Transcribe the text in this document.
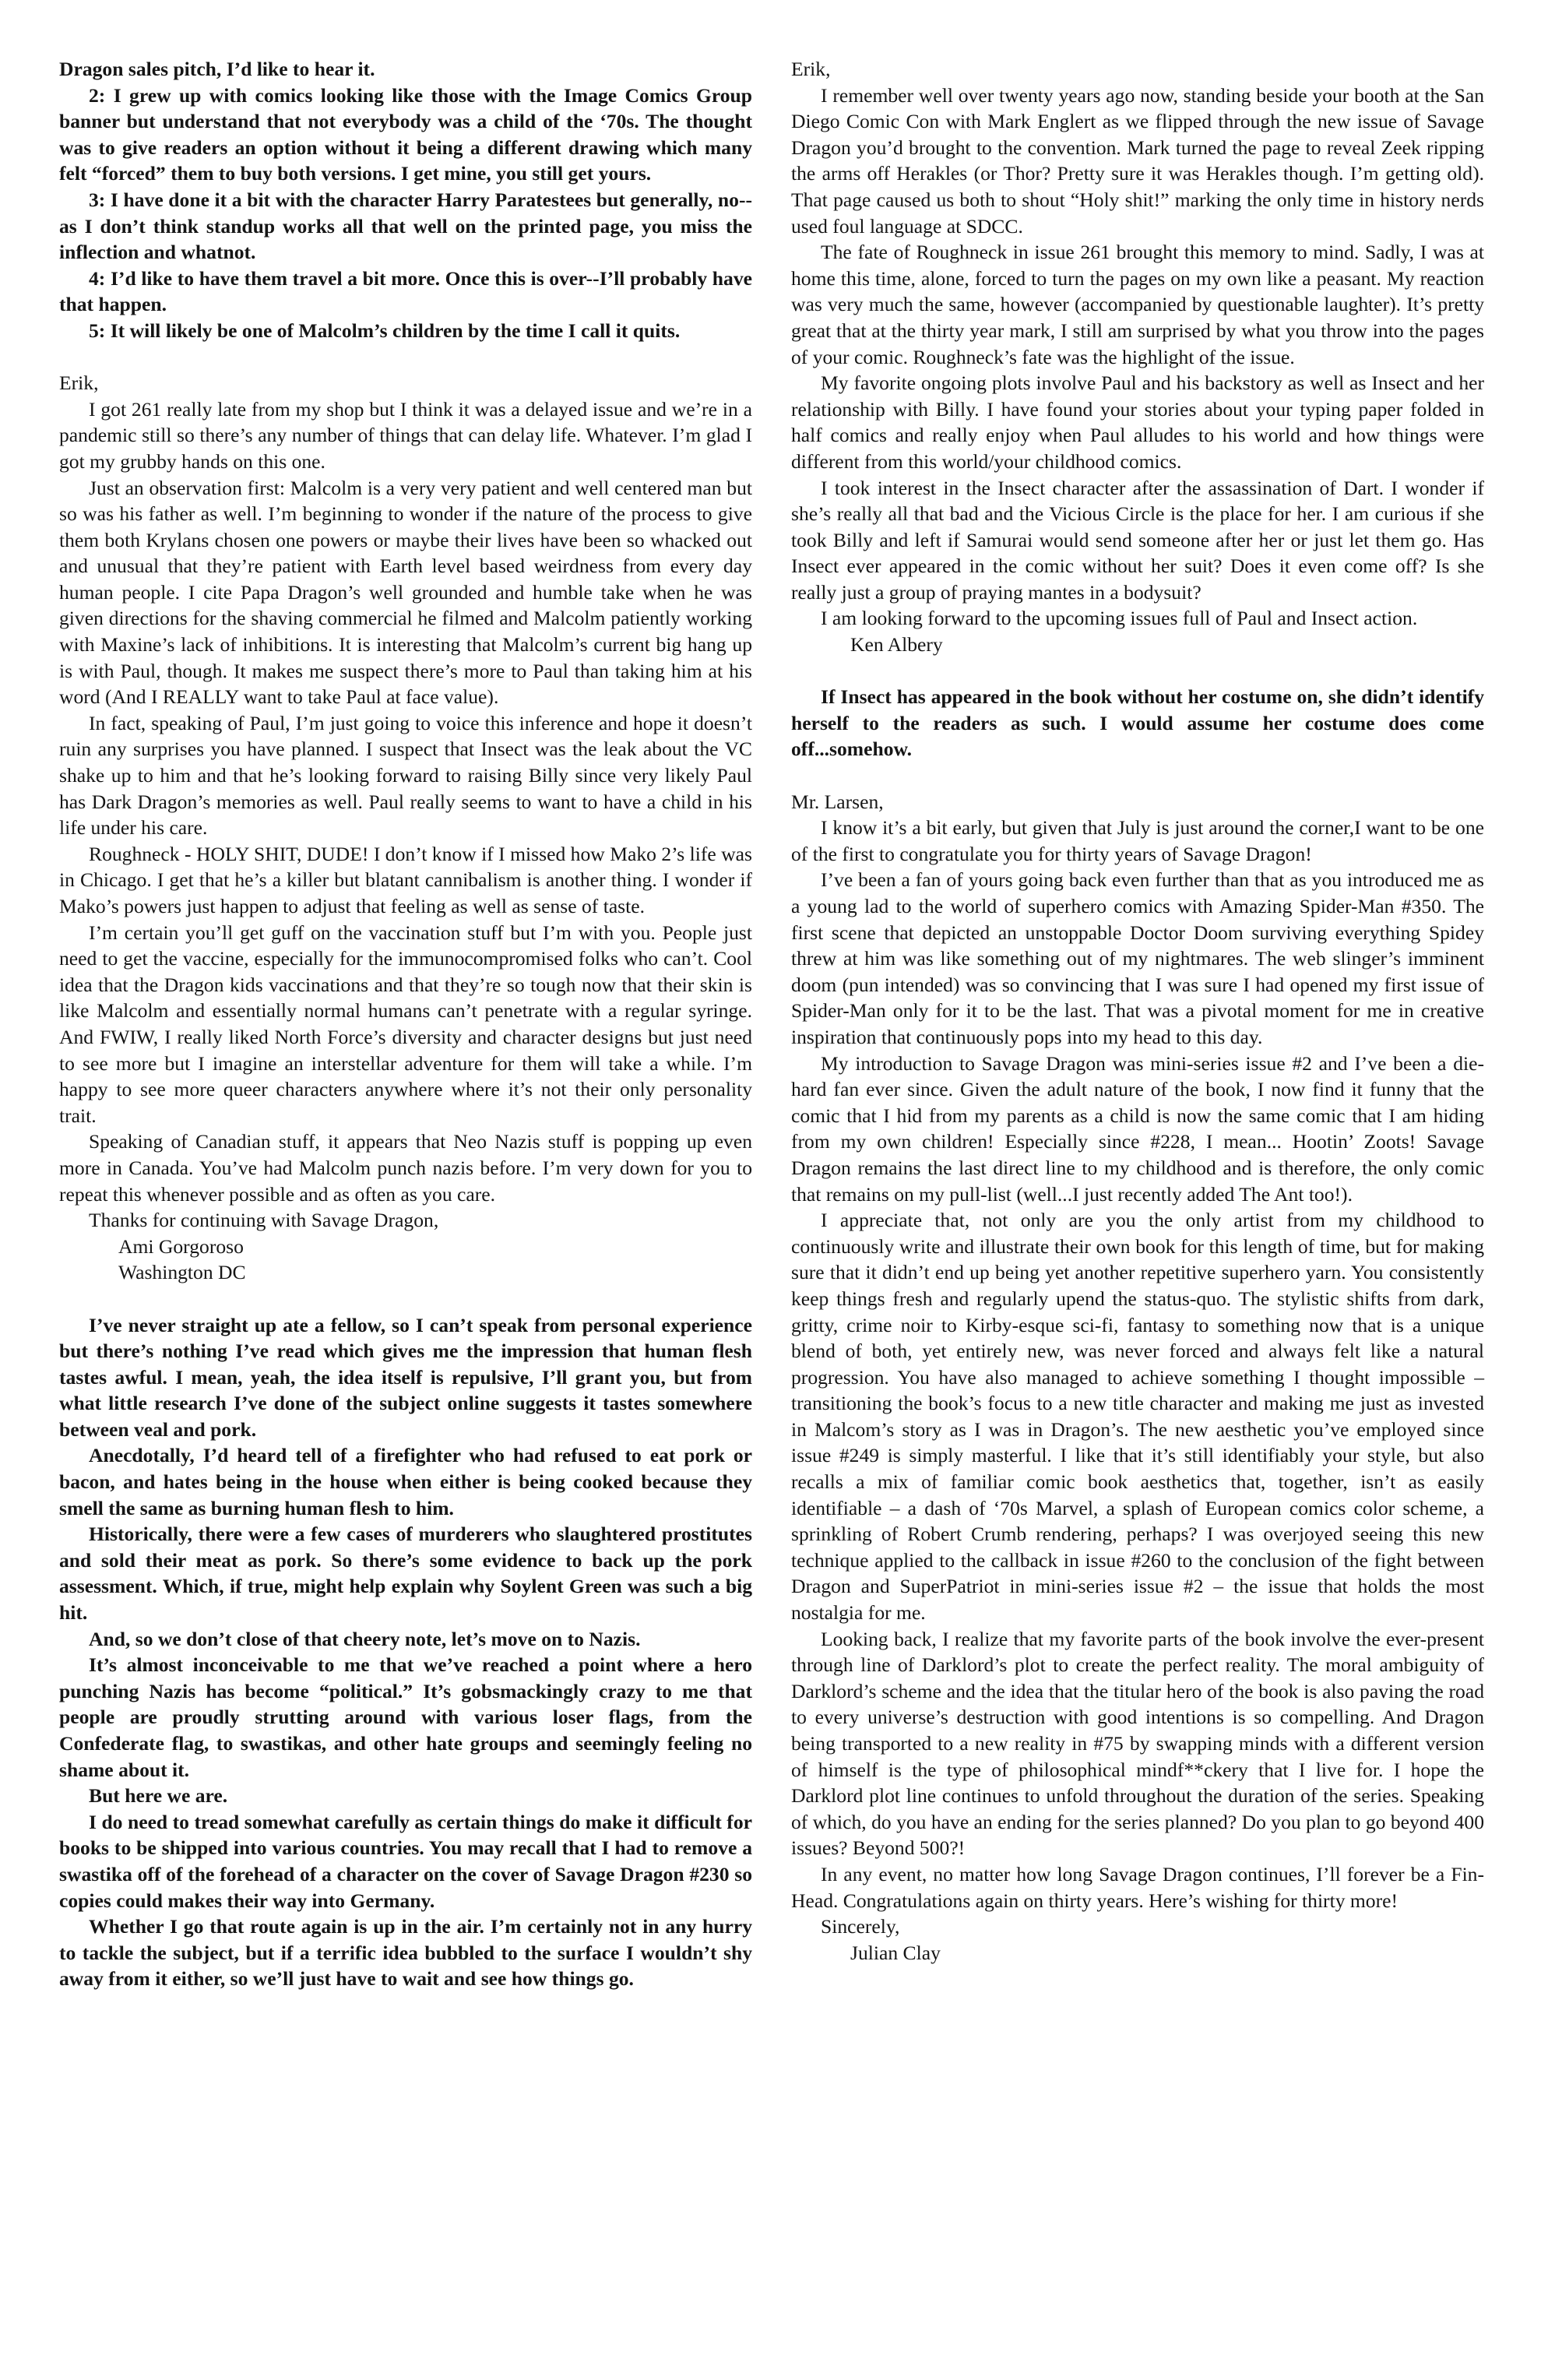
Dragon sales pitch, I’d like to hear it.

2: I grew up with comics looking like those with the Image Comics Group banner but understand that not everybody was a child of the ‘70s. The thought was to give readers an option without it being a different drawing which many felt “forced” them to buy both versions. I get mine, you still get yours.

3: I have done it a bit with the character Harry Paratestees but generally, no--as I don’t think standup works all that well on the printed page, you miss the inflection and whatnot.

4: I’d like to have them travel a bit more. Once this is over--I’ll probably have that happen.

5: It will likely be one of Malcolm’s children by the time I call it quits.

Erik,

I got 261 really late from my shop but I think it was a delayed issue and we’re in a pandemic still so there’s any number of things that can delay life. Whatever. I’m glad I got my grubby hands on this one.

Just an observation first: Malcolm is a very very patient and well centered man but so was his father as well. I’m beginning to wonder if the nature of the process to give them both Krylans chosen one powers or maybe their lives have been so whacked out and unusual that they’re patient with Earth level based weirdness from every day human people. I cite Papa Dragon’s well grounded and humble take when he was given directions for the shaving commercial he filmed and Malcolm patiently working with Maxine’s lack of inhibitions. It is interesting that Malcolm’s current big hang up is with Paul, though. It makes me suspect there’s more to Paul than taking him at his word (And I REALLY want to take Paul at face value).

In fact, speaking of Paul, I’m just going to voice this inference and hope it doesn’t ruin any surprises you have planned. I suspect that Insect was the leak about the VC shake up to him and that he’s looking forward to raising Billy since very likely Paul has Dark Dragon’s memories as well. Paul really seems to want to have a child in his life under his care.

Roughneck - HOLY SHIT, DUDE! I don’t know if I missed how Mako 2’s life was in Chicago. I get that he’s a killer but blatant cannibalism is another thing. I wonder if Mako’s powers just happen to adjust that feeling as well as sense of taste.

I’m certain you’ll get guff on the vaccination stuff but I’m with you. People just need to get the vaccine, especially for the immunocompromised folks who can’t. Cool idea that the Dragon kids vaccinations and that they’re so tough now that their skin is like Malcolm and essentially normal humans can’t penetrate with a regular syringe. And FWIW, I really liked North Force’s diversity and character designs but just need to see more but I imagine an interstellar adventure for them will take a while. I’m happy to see more queer characters anywhere where it’s not their only personality trait.

Speaking of Canadian stuff, it appears that Neo Nazis stuff is popping up even more in Canada. You’ve had Malcolm punch nazis before. I’m very down for you to repeat this whenever possible and as often as you care.

Thanks for continuing with Savage Dragon,

Ami Gorgoroso

Washington DC

I’ve never straight up ate a fellow, so I can’t speak from personal experience but there’s nothing I’ve read which gives me the impression that human flesh tastes awful. I mean, yeah, the idea itself is repulsive, I’ll grant you, but from what little research I’ve done of the subject online suggests it tastes somewhere between veal and pork.

Anecdotally, I’d heard tell of a firefighter who had refused to eat pork or bacon, and hates being in the house when either is being cooked because they smell the same as burning human flesh to him.

Historically, there were a few cases of murderers who slaughtered prostitutes and sold their meat as pork. So there’s some evidence to back up the pork assessment. Which, if true, might help explain why Soylent Green was such a big hit.

And, so we don’t close of that cheery note, let’s move on to Nazis.

It’s almost inconceivable to me that we’ve reached a point where a hero punching Nazis has become “political.” It’s gobsmackingly crazy to me that people are proudly strutting around with various loser flags, from the Confederate flag, to swastikas, and other hate groups and seemingly feeling no shame about it.

But here we are.

I do need to tread somewhat carefully as certain things do make it difficult for books to be shipped into various countries. You may recall that I had to remove a swastika off of the forehead of a character on the cover of Savage Dragon #230 so copies could makes their way into Germany.

Whether I go that route again is up in the air. I’m certainly not in any hurry to tackle the subject, but if a terrific idea bubbled to the surface I wouldn’t shy away from it either, so we’ll just have to wait and see how things go.

Erik,

I remember well over twenty years ago now, standing beside your booth at the San Diego Comic Con with Mark Englert as we flipped through the new issue of Savage Dragon you’d brought to the convention. Mark turned the page to reveal Zeek ripping the arms off Herakles (or Thor? Pretty sure it was Herakles though. I’m getting old). That page caused us both to shout “Holy shit!” marking the only time in history nerds used foul language at SDCC.

The fate of Roughneck in issue 261 brought this memory to mind. Sadly, I was at home this time, alone, forced to turn the pages on my own like a peasant. My reaction was very much the same, however (accompanied by questionable laughter). It’s pretty great that at the thirty year mark, I still am surprised by what you throw into the pages of your comic. Roughneck’s fate was the highlight of the issue.

My favorite ongoing plots involve Paul and his backstory as well as Insect and her relationship with Billy. I have found your stories about your typing paper folded in half comics and really enjoy when Paul alludes to his world and how things were different from this world/your childhood comics.

I took interest in the Insect character after the assassination of Dart. I wonder if she’s really all that bad and the Vicious Circle is the place for her. I am curious if she took Billy and left if Samurai would send someone after her or just let them go. Has Insect ever appeared in the comic without her suit? Does it even come off? Is she really just a group of praying mantes in a bodysuit?

I am looking forward to the upcoming issues full of Paul and Insect action.

Ken Albery

If Insect has appeared in the book without her costume on, she didn’t identify herself to the readers as such. I would assume her costume does come off...somehow.

Mr. Larsen,

I know it’s a bit early, but given that July is just around the corner,I want to be one of the first to congratulate you for thirty years of Savage Dragon!

I’ve been a fan of yours going back even further than that as you introduced me as a young lad to the world of superhero comics with Amazing Spider-Man #350. The first scene that depicted an unstoppable Doctor Doom surviving everything Spidey threw at him was like something out of my nightmares. The web slinger’s imminent doom (pun intended) was so convincing that I was sure I had opened my first issue of Spider-Man only for it to be the last. That was a pivotal moment for me in creative inspiration that continuously pops into my head to this day.

My introduction to Savage Dragon was mini-series issue #2 and I’ve been a die-hard fan ever since. Given the adult nature of the book, I now find it funny that the comic that I hid from my parents as a child is now the same comic that I am hiding from my own children! Especially since #228, I mean... Hootin’ Zoots! Savage Dragon remains the last direct line to my childhood and is therefore, the only comic that remains on my pull-list (well...I just recently added The Ant too!).

I appreciate that, not only are you the only artist from my childhood to continuously write and illustrate their own book for this length of time, but for making sure that it didn’t end up being yet another repetitive superhero yarn. You consistently keep things fresh and regularly upend the status-quo. The stylistic shifts from dark, gritty, crime noir to Kirby-esque sci-fi, fantasy to something now that is a unique blend of both, yet entirely new, was never forced and always felt like a natural progression. You have also managed to achieve something I thought impossible – transitioning the book’s focus to a new title character and making me just as invested in Malcom’s story as I was in Dragon’s. The new aesthetic you’ve employed since issue #249 is simply masterful. I like that it’s still identifiably your style, but also recalls a mix of familiar comic book aesthetics that, together, isn’t as easily identifiable – a dash of ‘70s Marvel, a splash of European comics color scheme, a sprinkling of Robert Crumb rendering, perhaps? I was overjoyed seeing this new technique applied to the callback in issue #260 to the conclusion of the fight between Dragon and SuperPatriot in mini-series issue #2 – the issue that holds the most nostalgia for me.

Looking back, I realize that my favorite parts of the book involve the ever-present through line of Darklord’s plot to create the perfect reality. The moral ambiguity of Darklord’s scheme and the idea that the titular hero of the book is also paving the road to every universe’s destruction with good intentions is so compelling. And Dragon being transported to a new reality in #75 by swapping minds with a different version of himself is the type of philosophical mindf**ckery that I live for. I hope the Darklord plot line continues to unfold throughout the duration of the series. Speaking of which, do you have an ending for the series planned? Do you plan to go beyond 400 issues? Beyond 500?!

In any event, no matter how long Savage Dragon continues, I’ll forever be a Fin-Head. Congratulations again on thirty years. Here’s wishing for thirty more!

Sincerely,

Julian Clay
